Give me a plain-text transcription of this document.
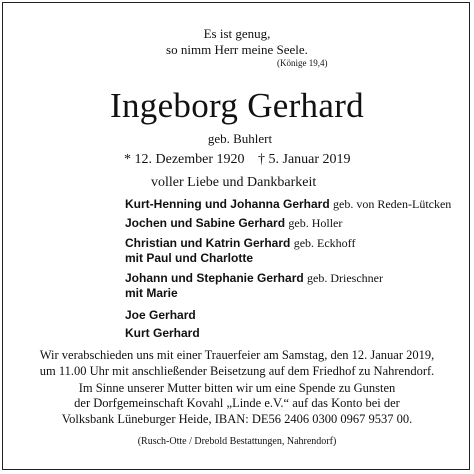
Es ist genug,
so nimm Herr meine Seele.
(Könige 19,4)
Ingeborg Gerhard
geb. Buhlert
* 12. Dezember 1920 † 5. Januar 2019
voller Liebe und Dankbarkeit
Kurt-Henning und Johanna Gerhard geb. von Reden-Lütcken
Jochen und Sabine Gerhard geb. Holler
Christian und Katrin Gerhard geb. Eckhoff
mit Paul und Charlotte
Johann und Stephanie Gerhard geb. Drieschner
mit Marie
Joe Gerhard
Kurt Gerhard
Wir verabschieden uns mit einer Trauerfeier am Samstag, den 12. Januar 2019,
um 11.00 Uhr mit anschließender Beisetzung auf dem Friedhof zu Nahrendorf.
Im Sinne unserer Mutter bitten wir um eine Spende zu Gunsten
der Dorfgemeinschaft Kovahl „Linde e.V.“ auf das Konto bei der
Volksbank Lüneburger Heide, IBAN: DE56 2406 0300 0967 9537 00.
(Rusch-Otte / Drebold Bestattungen, Nahrendorf)
